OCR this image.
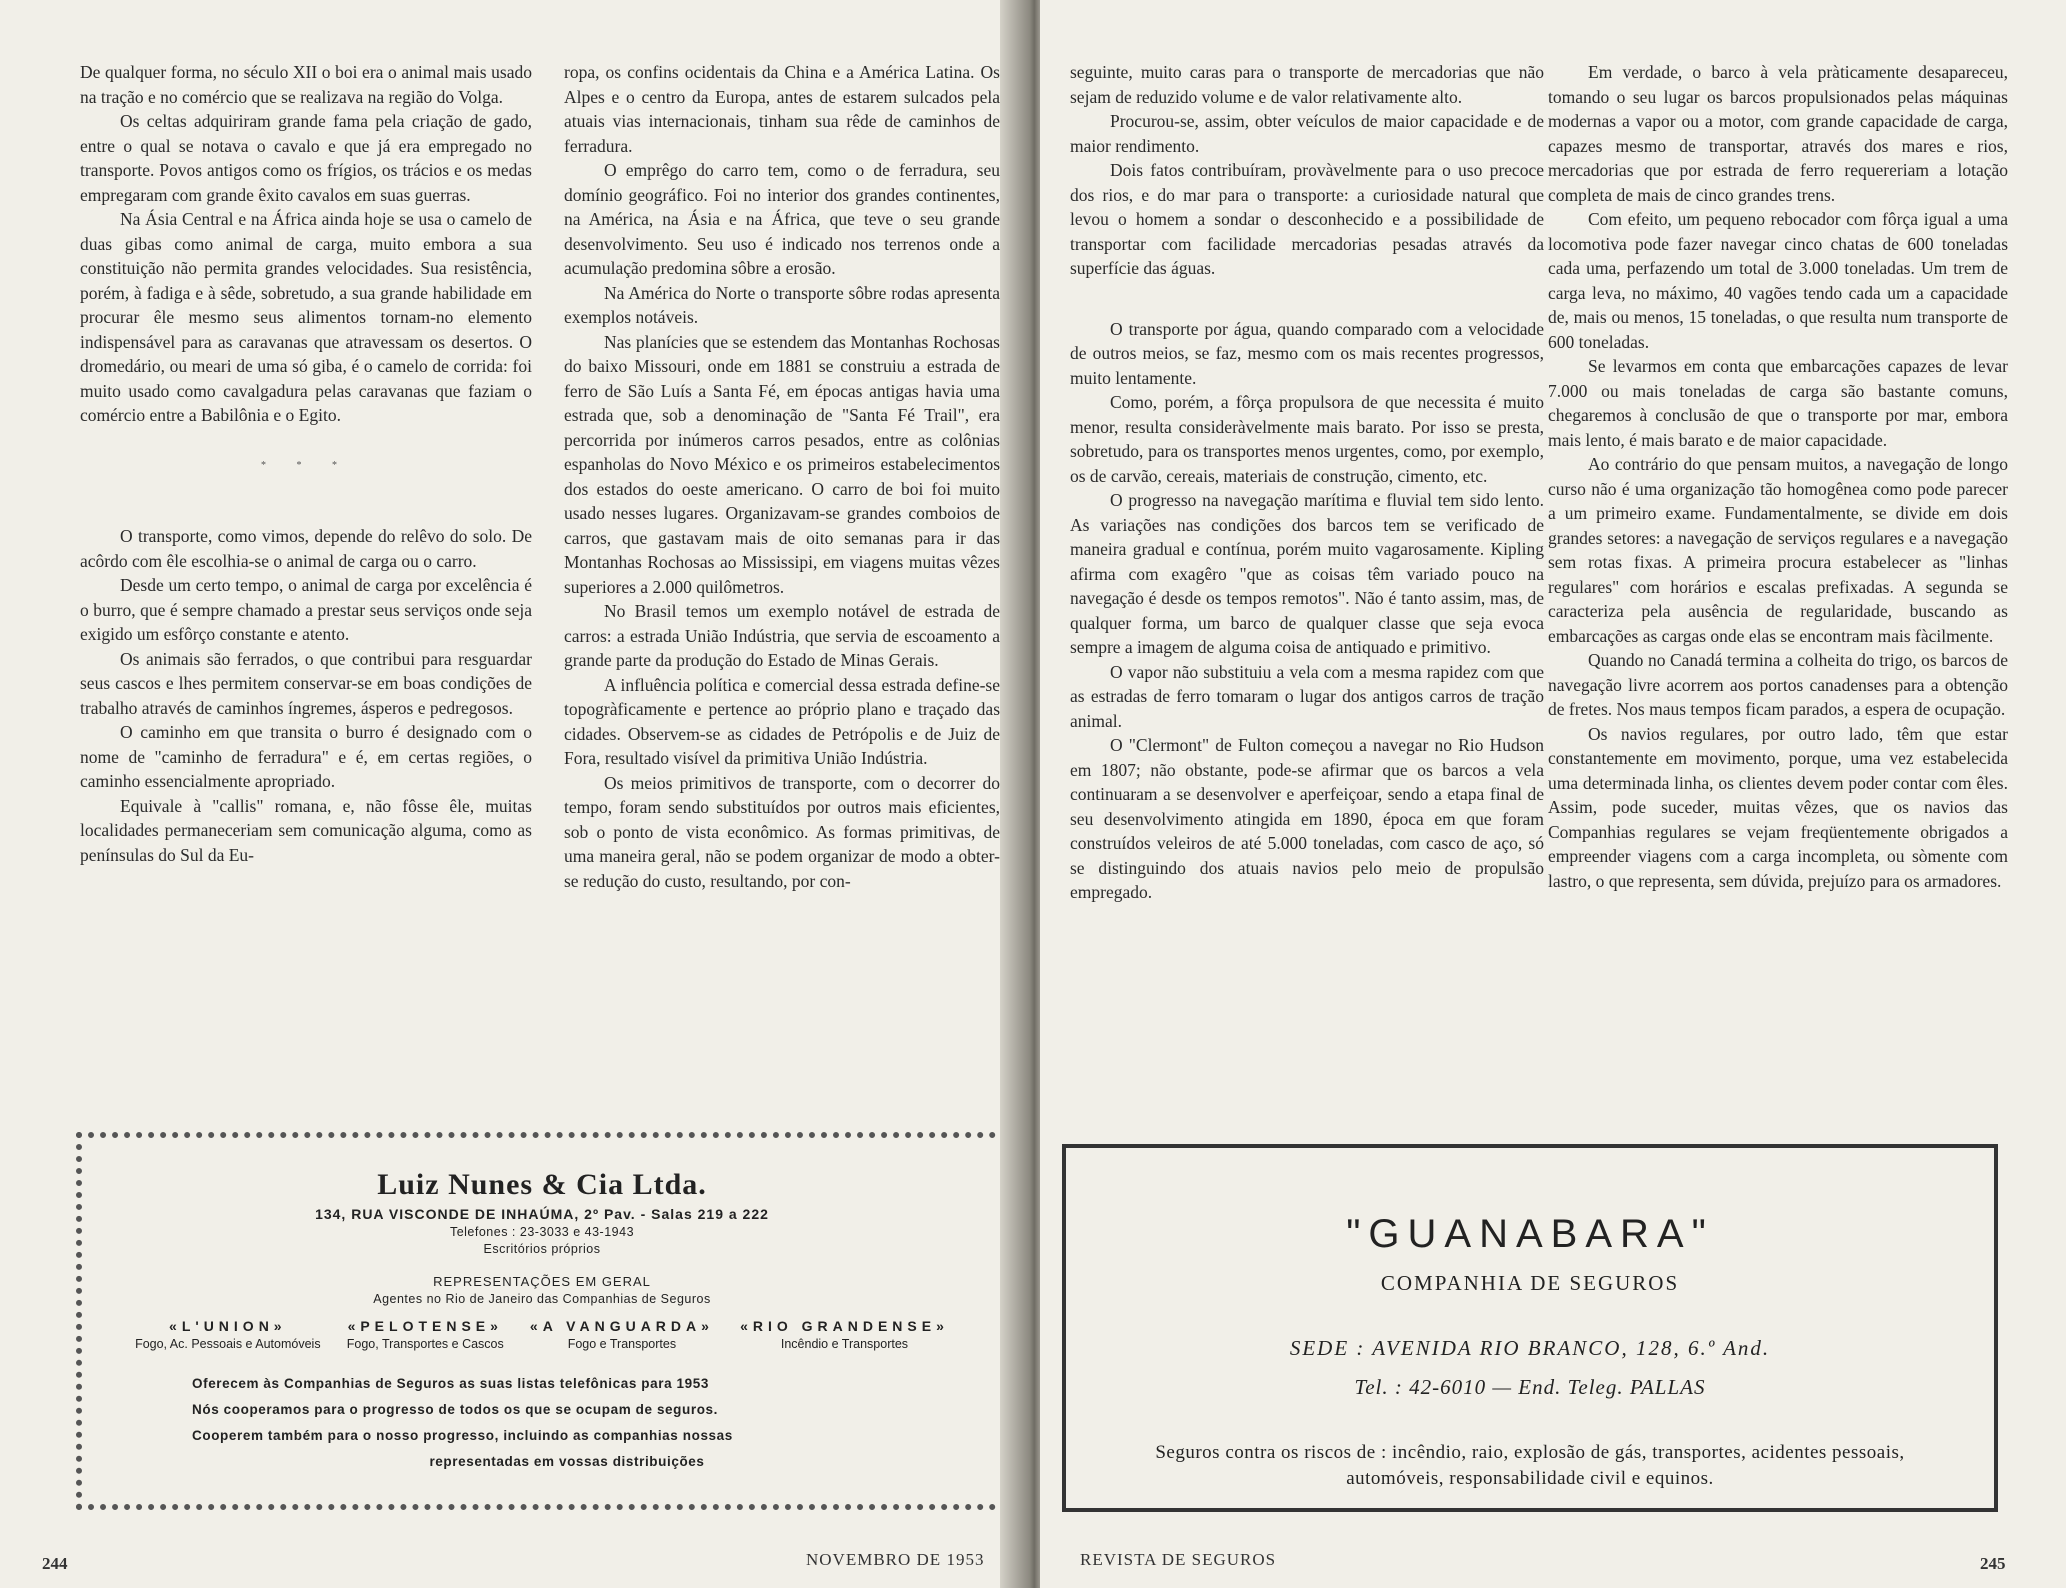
De qualquer forma, no século XII o boi era o animal mais usado na tração e no comércio que se realizava na região do Volga.

Os celtas adquiriram grande fama pela criação de gado, entre o qual se notava o cavalo e que já era empregado no transporte. Povos antigos como os frígios, os trácios e os medas empregaram com grande êxito cavalos em suas guerras.

Na Ásia Central e na África ainda hoje se usa o camelo de duas gibas como animal de carga, muito embora a sua constituição não permita grandes velocidades. Sua resistência, porém, à fadiga e à sêde, sobretudo, a sua grande habilidade em procurar êle mesmo seus alimentos tornam-no elemento indispensável para as caravanas que atravessam os desertos. O dromedário, ou meari de uma só giba, é o camelo de corrida: foi muito usado como cavalgadura pelas caravanas que faziam o comércio entre a Babilônia e o Egito.

* * *

O transporte, como vimos, depende do relêvo do solo. De acôrdo com êle escolhia-se o animal de carga ou o carro.

Desde um certo tempo, o animal de carga por excelência é o burro, que é sempre chamado a prestar seus serviços onde seja exigido um esfôrço constante e atento.

Os animais são ferrados, o que contribui para resguardar seus cascos e lhes permitem conservar-se em boas condições de trabalho através de caminhos íngremes, ásperos e pedregosos.

O caminho em que transita o burro é designado com o nome de "caminho de ferradura" e é, em certas regiões, o caminho essencialmente apropriado.

Equivale à "callis" romana, e, não fôsse êle, muitas localidades permaneceriam sem comunicação alguma, como as penínsulas do Sul da Eu-

ropa, os confins ocidentais da China e a América Latina. Os Alpes e o centro da Europa, antes de estarem sulcados pela atuais vias internacionais, tinham sua rêde de caminhos de ferradura.

O emprêgo do carro tem, como o de ferradura, seu domínio geográfico. Foi no interior dos grandes continentes, na América, na Ásia e na África, que teve o seu grande desenvolvimento. Seu uso é indicado nos terrenos onde a acumulação predomina sôbre a erosão.

Na América do Norte o transporte sôbre rodas apresenta exemplos notáveis.

Nas planícies que se estendem das Montanhas Rochosas do baixo Missouri, onde em 1881 se construiu a estrada de ferro de São Luís a Santa Fé, em épocas antigas havia uma estrada que, sob a denominação de "Santa Fé Trail", era percorrida por inúmeros carros pesados, entre as colônias espanholas do Novo México e os primeiros estabelecimentos dos estados do oeste americano. O carro de boi foi muito usado nesses lugares. Organizavam-se grandes comboios de carros, que gastavam mais de oito semanas para ir das Montanhas Rochosas ao Mississipi, em viagens muitas vêzes superiores a 2.000 quilômetros.

No Brasil temos um exemplo notável de estrada de carros: a estrada União Indústria, que servia de escoamento a grande parte da produção do Estado de Minas Gerais.

A influência política e comercial dessa estrada define-se topogràficamente e pertence ao próprio plano e traçado das cidades. Observem-se as cidades de Petrópolis e de Juiz de Fora, resultado visível da primitiva União Indústria.

Os meios primitivos de transporte, com o decorrer do tempo, foram sendo substituídos por outros mais eficientes, sob o ponto de vista econômico. As formas primitivas, de uma maneira geral, não se podem organizar de modo a obter-se redução do custo, resultando, por con-

Luiz Nunes & Cia Ltda.
134, RUA VISCONDE DE INHAÚMA, 2º Pav. - Salas 219 a 222
Telefones : 23-3033 e 43-1943
Escritórios próprios
REPRESENTAÇÕES EM GERAL
Agentes no Rio de Janeiro das Companhias de Seguros
«L'UNION»
Fogo, Ac. Pessoais e Automóveis
«PELOTENSE»
Fogo, Transportes e Cascos
«A VANGUARDA»
Fogo e Transportes
«RIO GRANDENSE»
Incêndio e Transportes
Oferecem às Companhias de Seguros as suas listas telefônicas para 1953
Nós cooperamos para o progresso de todos os que se ocupam de seguros.
Cooperem também para o nosso progresso, incluindo as companhias nossas
representadas em vossas distribuições
244	NOVEMBRO DE 1953

seguinte, muito caras para o transporte de mercadorias que não sejam de reduzido volume e de valor relativamente alto.

Procurou-se, assim, obter veículos de maior capacidade e de maior rendimento.

Dois fatos contribuíram, provàvelmente para o uso precoce dos rios, e do mar para o transporte: a curiosidade natural que levou o homem a sondar o desconhecido e a possibilidade de transportar com facilidade mercadorias pesadas através da superfície das águas.

O transporte por água, quando comparado com a velocidade de outros meios, se faz, mesmo com os mais recentes progressos, muito lentamente.

Como, porém, a fôrça propulsora de que necessita é muito menor, resulta consideràvelmente mais barato. Por isso se presta, sobretudo, para os transportes menos urgentes, como, por exemplo, os de carvão, cereais, materiais de construção, cimento, etc.

O progresso na navegação marítima e fluvial tem sido lento. As variações nas condições dos barcos tem se verificado de maneira gradual e contínua, porém muito vagarosamente. Kipling afirma com exagêro "que as coisas têm variado pouco na navegação é desde os tempos remotos". Não é tanto assim, mas, de qualquer forma, um barco de qualquer classe que seja evoca sempre a imagem de alguma coisa de antiquado e primitivo.

O vapor não substituiu a vela com a mesma rapidez com que as estradas de ferro tomaram o lugar dos antigos carros de tração animal.

O "Clermont" de Fulton começou a navegar no Rio Hudson em 1807; não obstante, pode-se afirmar que os barcos a vela continuaram a se desenvolver e aperfeiçoar, sendo a etapa final de seu desenvolvimento atingida em 1890, época em que foram construídos veleiros de até 5.000 toneladas, com casco de aço, só se distinguindo dos atuais navios pelo meio de propulsão empregado.

Em verdade, o barco à vela pràticamente desapareceu, tomando o seu lugar os barcos propulsionados pelas máquinas modernas a vapor ou a motor, com grande capacidade de carga, capazes mesmo de transportar, através dos mares e rios, mercadorias que por estrada de ferro requereriam a lotação completa de mais de cinco grandes trens.

Com efeito, um pequeno rebocador com fôrça igual a uma locomotiva pode fazer navegar cinco chatas de 600 toneladas cada uma, perfazendo um total de 3.000 toneladas. Um trem de carga leva, no máximo, 40 vagões tendo cada um a capacidade de, mais ou menos, 15 toneladas, o que resulta num transporte de 600 toneladas.

Se levarmos em conta que embarcações capazes de levar 7.000 ou mais toneladas de carga são bastante comuns, chegaremos à conclusão de que o transporte por mar, embora mais lento, é mais barato e de maior capacidade.

Ao contrário do que pensam muitos, a navegação de longo curso não é uma organização tão homogênea como pode parecer a um primeiro exame. Fundamentalmente, se divide em dois grandes setores: a navegação de serviços regulares e a navegação sem rotas fixas. A primeira procura estabelecer as "linhas regulares" com horários e escalas prefixadas. A segunda se caracteriza pela ausência de regularidade, buscando as embarcações as cargas onde elas se encontram mais fàcilmente.

Quando no Canadá termina a colheita do trigo, os barcos de navegação livre acorrem aos portos canadenses para a obtenção de fretes. Nos maus tempos ficam parados, a espera de ocupação.

Os navios regulares, por outro lado, têm que estar constantemente em movimento, porque, uma vez estabelecida uma determinada linha, os clientes devem poder contar com êles. Assim, pode suceder, muitas vêzes, que os navios das Companhias regulares se vejam freqüentemente obrigados a empreender viagens com a carga incompleta, ou sòmente com lastro, o que representa, sem dúvida, prejuízo para os armadores.

"GUANABARA"
COMPANHIA DE SEGUROS
SEDE : AVENIDA RIO BRANCO, 128, 6.º And.
Tel. : 42-6010 — End. Teleg. PALLAS
Seguros contra os riscos de : incêndio, raio, explosão de gás, transportes, acidentes pessoais, automóveis, responsabilidade civil e equinos.
REVISTA DE SEGUROS	245
